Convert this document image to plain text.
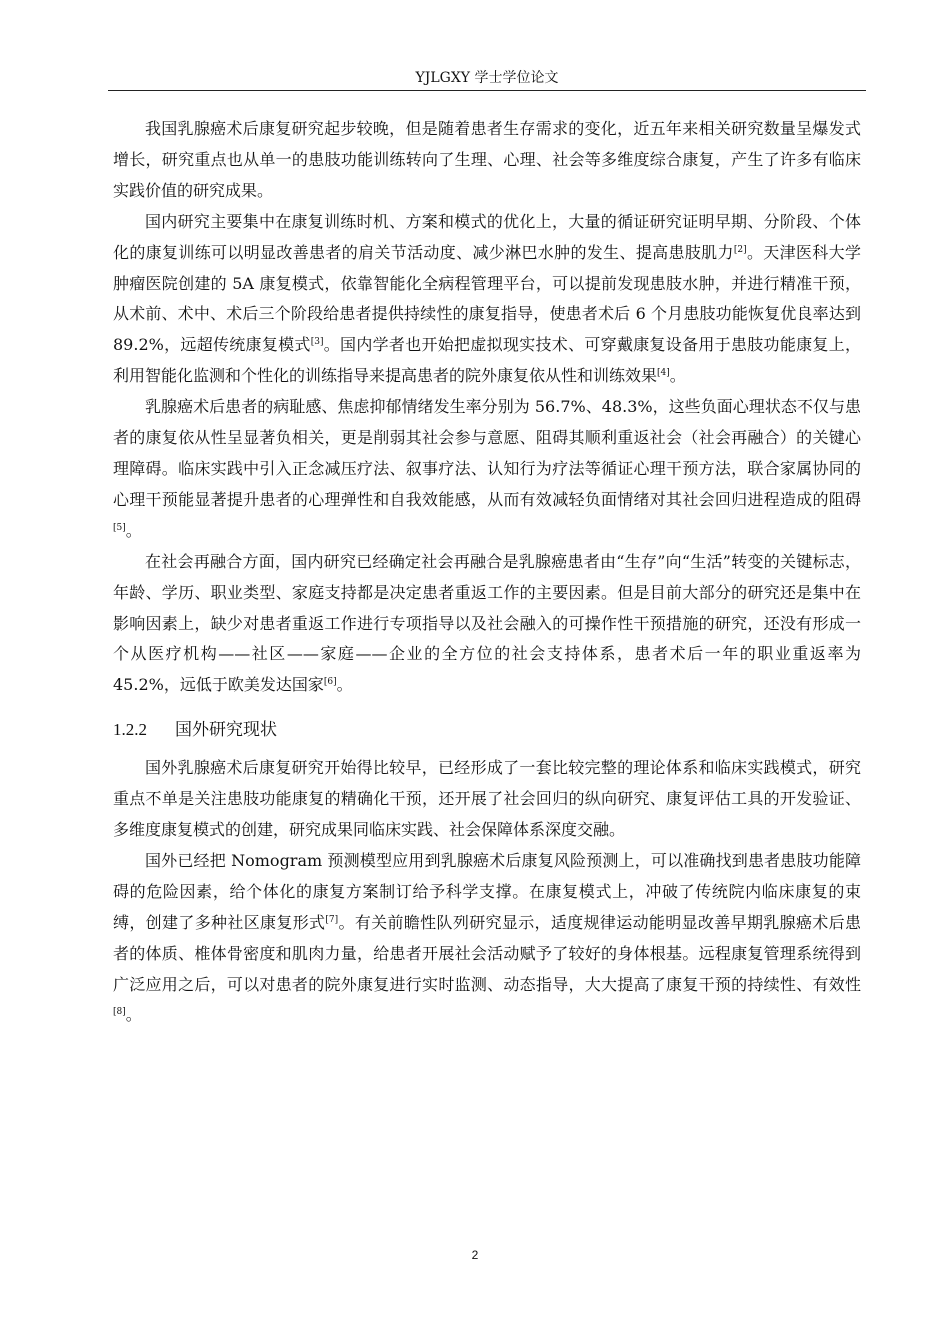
YJLGXY 学士学位论文

我国乳腺癌术后康复研究起步较晚，但是随着患者生存需求的变化，近五年来相关研究数量呈爆发式增长，研究重点也从单一的患肢功能训练转向了生理、心理、社会等多维度综合康复，产生了许多有临床实践价值的研究成果。

国内研究主要集中在康复训练时机、方案和模式的优化上，大量的循证研究证明早期、分阶段、个体化的康复训练可以明显改善患者的肩关节活动度、减少淋巴水肿的发生、提高患肢肌力[2]。天津医科大学肿瘤医院创建的 5A 康复模式，依靠智能化全病程管理平台，可以提前发现患肢水肿，并进行精准干预，从术前、术中、术后三个阶段给患者提供持续性的康复指导，使患者术后 6 个月患肢功能恢复优良率达到 89.2%，远超传统康复模式[3]。国内学者也开始把虚拟现实技术、可穿戴康复设备用于患肢功能康复上，利用智能化监测和个性化的训练指导来提高患者的院外康复依从性和训练效果[4]。

乳腺癌术后患者的病耻感、焦虑抑郁情绪发生率分别为 56.7%、48.3%，这些负面心理状态不仅与患者的康复依从性呈显著负相关，更是削弱其社会参与意愿、阻碍其顺利重返社会（社会再融合）的关键心理障碍。临床实践中引入正念减压疗法、叙事疗法、认知行为疗法等循证心理干预方法，联合家属协同的心理干预能显著提升患者的心理弹性和自我效能感，从而有效减轻负面情绪对其社会回归进程造成的阻碍[5]。

在社会再融合方面，国内研究已经确定社会再融合是乳腺癌患者由“生存”向“生活”转变的关键标志，年龄、学历、职业类型、家庭支持都是决定患者重返工作的主要因素。但是目前大部分的研究还是集中在影响因素上，缺少对患者重返工作进行专项指导以及社会融入的可操作性干预措施的研究，还没有形成一个从医疗机构——社区——家庭——企业的全方位的社会支持体系，患者术后一年的职业重返率为 45.2%，远低于欧美发达国家[6]。

1.2.2 国外研究现状

国外乳腺癌术后康复研究开始得比较早，已经形成了一套比较完整的理论体系和临床实践模式，研究重点不单是关注患肢功能康复的精确化干预，还开展了社会回归的纵向研究、康复评估工具的开发验证、多维度康复模式的创建，研究成果同临床实践、社会保障体系深度交融。

国外已经把 Nomogram 预测模型应用到乳腺癌术后康复风险预测上，可以准确找到患者患肢功能障碍的危险因素，给个体化的康复方案制订给予科学支撑。在康复模式上，冲破了传统院内临床康复的束缚，创建了多种社区康复形式[7]。有关前瞻性队列研究显示，适度规律运动能明显改善早期乳腺癌术后患者的体质、椎体骨密度和肌肉力量，给患者开展社会活动赋予了较好的身体根基。远程康复管理系统得到广泛应用之后，可以对患者的院外康复进行实时监测、动态指导，大大提高了康复干预的持续性、有效性[8]。

2
